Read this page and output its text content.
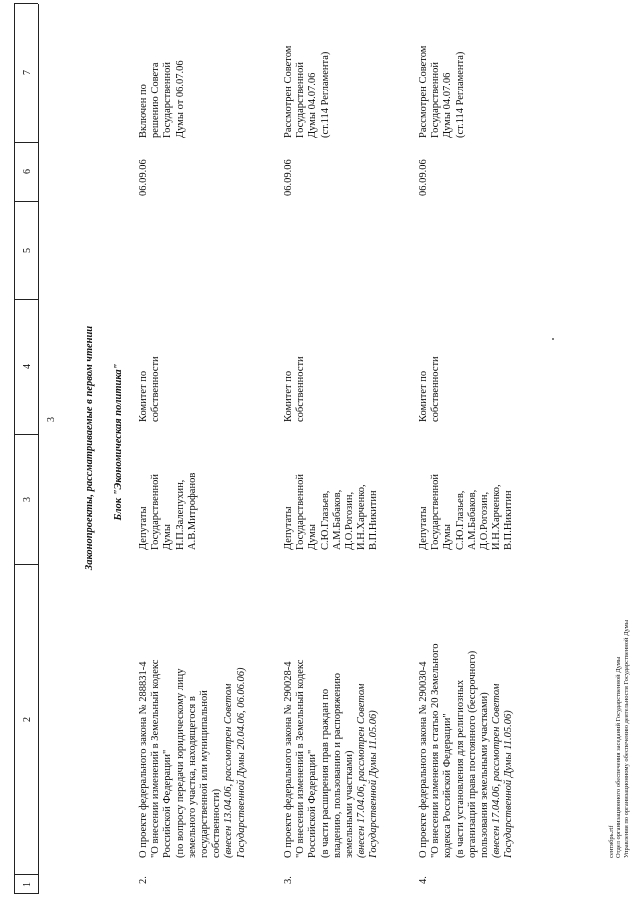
1
2
3
4
5
6
7
3	Законопроекты, рассматриваемые в первом чтении Блок "Экономическая политика"
2.
О проекте федерального закона № 288831-4 "О внесении изменений в Земельный кодекс Российской Федерации" (по вопросу передачи юридическому лицу земельного участка, находящегося в государственной или муниципальной собственности) (внесен 13.04.06, рассмотрен Советом Государственной Думы 20.04.06, 06.06.06)
Депутаты Государственной Думы Н.П.Залепухин, А.В.Митрофанов
Комитет по собственности
06.09.06
Включен по решению Совета Государственной Думы от 06.07.06
3.
О проекте федерального закона № 290028-4 "О внесении изменений в Земельный кодекс Российской Федерации" (в части расширения прав граждан по владению, пользованию и распоряжению земельными участками) (внесен 17.04.06, рассмотрен Советом Государственной Думы 11.05.06)
Депутаты Государственной Думы С.Ю.Глазьев, А.М.Бабаков, Д.О.Рогозин, И.Н.Харченко, В.П.Никитин
Комитет по собственности
06.09.06
Рассмотрен Советом Государственной Думы 04.07.06 (ст.114 Регламента)
4.
О проекте федерального закона № 290030-4 "О внесении изменения в статью 20 Земельного кодекса Российской Федерации" (в части установления для религиозных организаций права постоянного (бессрочного) пользования земельными участками) (внесен 17.04.06, рассмотрен Советом Государственной Думы 11.05.06)
Депутаты Государственной Думы С.Ю.Глазьев, А.М.Бабаков, Д.О.Рогозин, И.Н.Харченко, В.П.Никитин
Комитет по собственности
06.09.06
Рассмотрен Советом Государственной Думы 04.07.06 (ст.114 Регламента)
сентябрь.rtf Отдел организационного обеспечения заседаний Государственной Думы Управления по организационному обеспечению деятельности Государственной Думы
